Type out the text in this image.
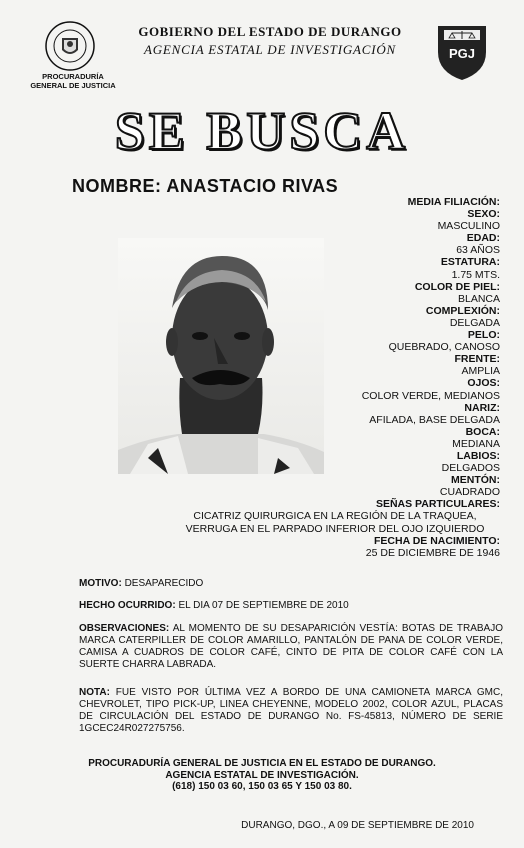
PROCURADURÍA
GENERAL DE JUSTICIA
GOBIERNO DEL ESTADO DE DURANGO
AGENCIA ESTATAL DE INVESTIGACIÓN	PGJ
SE BUSCA
NOMBRE: ANASTACIO RIVAS
MEDIA FILIACIÓN:
SEXO:
MASCULINO
EDAD:
63 AÑOS
ESTATURA:
1.75 MTS.
COLOR DE PIEL:
BLANCA
COMPLEXIÓN:
DELGADA
PELO:
QUEBRADO, CANOSO
FRENTE:
AMPLIA
OJOS:
COLOR VERDE, MEDIANOS
NARIZ:
AFILADA, BASE DELGADA
BOCA:
MEDIANA
LABIOS:
DELGADOS
MENTÓN:
CUADRADO
SEÑAS PARTICULARES:
CICATRIZ QUIRURGICA EN LA REGIÓN DE LA TRAQUEA, VERRUGA EN EL PARPADO INFERIOR DEL OJO IZQUIERDO
FECHA DE NACIMIENTO:
25 DE DICIEMBRE DE 1946
MOTIVO: DESAPARECIDO
HECHO OCURRIDO: EL DIA 07 DE SEPTIEMBRE DE 2010
OBSERVACIONES: AL MOMENTO DE SU DESAPARICIÓN VESTÍA: BOTAS DE TRABAJO MARCA CATERPILLER DE COLOR AMARILLO, PANTALÓN DE PANA DE COLOR VERDE, CAMISA A CUADROS DE COLOR CAFÉ, CINTO DE PITA DE COLOR CAFÉ CON LA SUERTE CHARRA LABRADA.
NOTA: FUE VISTO POR ÚLTIMA VEZ A BORDO DE UNA CAMIONETA MARCA GMC, CHEVROLET, TIPO PICK-UP, LINEA CHEYENNE, MODELO 2002, COLOR AZUL, PLACAS DE CIRCULACIÓN DEL ESTADO DE DURANGO No. FS-45813, NÚMERO DE SERIE 1GCEC24R027275756.
PROCURADURÍA GENERAL DE JUSTICIA EN EL ESTADO DE DURANGO.
AGENCIA ESTATAL DE INVESTIGACIÓN.
(618) 150 03 60, 150 03 65 Y 150 03 80.
DURANGO, DGO., A 09 DE SEPTIEMBRE DE 2010
